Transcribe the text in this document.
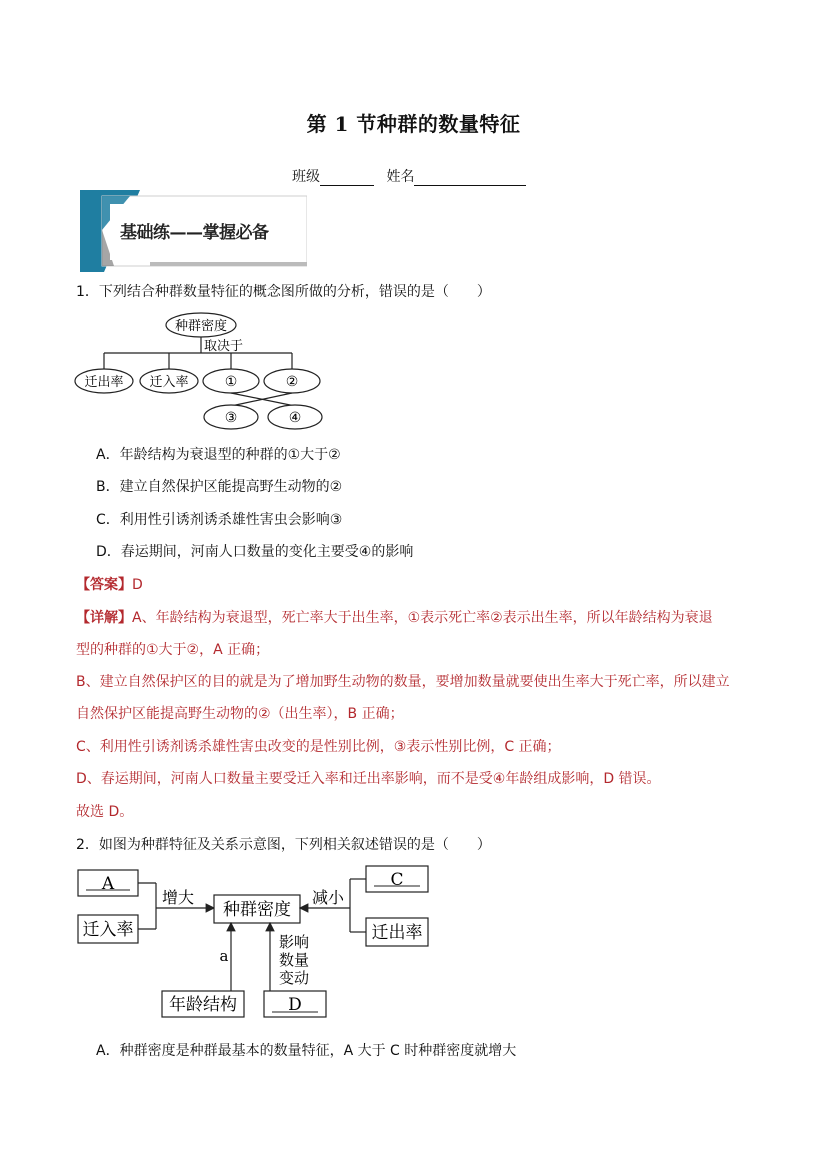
第 1 节种群的数量特征
班级	姓名
基础练——掌握必备
1．下列结合种群数量特征的概念图所做的分析，错误的是（　　）
种群密度
取决于
迁出率 迁入率	①	②
③	④
A．年龄结构为衰退型的种群的①大于②
B．建立自然保护区能提高野生动物的②
C．利用性引诱剂诱杀雄性害虫会影响③
D．春运期间，河南人口数量的变化主要受④的影响
【答案】D
【详解】A、年龄结构为衰退型，死亡率大于出生率，①表示死亡率②表示出生率，所以年龄结构为衰退
型的种群的①大于②，A 正确；
B、建立自然保护区的目的就是为了增加野生动物的数量，要增加数量就要使出生率大于死亡率，所以建立
自然保护区能提高野生动物的②（出生率），B 正确；
C、利用性引诱剂诱杀雄性害虫改变的是性别比例，③表示性别比例，C 正确；
D、春运期间，河南人口数量主要受迁入率和迁出率影响，而不是受④年龄组成影响，D 错误。
故选 D。
2．如图为种群特征及关系示意图，下列相关叙述错误的是（　　）
A
迁入率
增大
种群密度
减小
C
迁出率
a
年龄结构
影响
数量
变动
D
A．种群密度是种群最基本的数量特征，A 大于 C 时种群密度就增大
